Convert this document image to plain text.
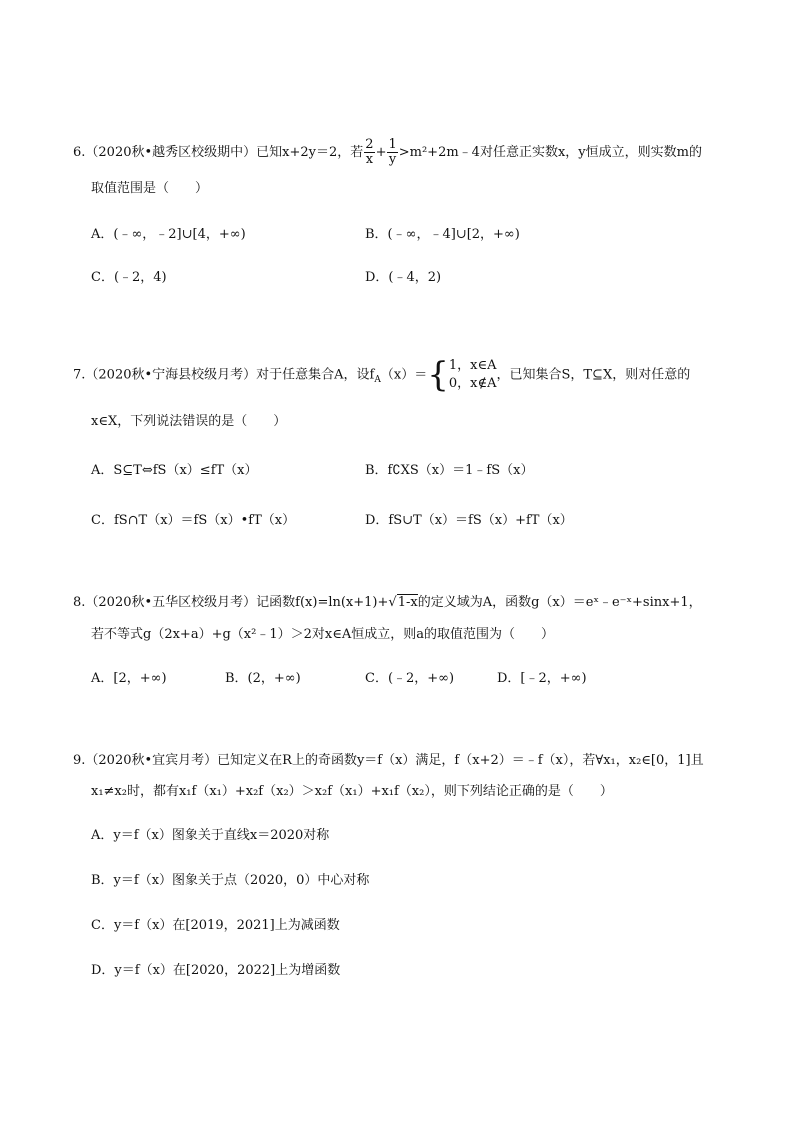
6.（2020秋•越秀区校级期中）已知x+2y＝2，若 $\frac{2}{x} + \frac{1}{y}$ >m²+2m﹣4对任意正实数x，y恒成立，则实数m的
取值范围是（　　）
A．(﹣∞，﹣2]∪[4，+∞)	B．(﹣∞，﹣4]∪[2，+∞)
C．(﹣2，4)	D．(﹣4，2)
7.（2020秋•宁海县校级月考）对于任意集合A，设$f_A(x)=${ 1，x∈A
0，x∉A
，已知集合S，T⊆X，则对任意的
x∈X，下列说法错误的是（　　）
A．S⊆T⇔fS（x）≤fT（x）	B．f∁XS（x）＝1﹣fS（x）
C．fS∩T（x）＝fS（x）•fT（x）	D．fS∪T（x）＝fS（x）+fT（x）
8.（2020秋•五华区校级月考）记函数f(x)=ln(x+1)+√1-x的定义域为A，函数g（x）＝eˣ﹣e⁻ˣ+sinx+1，
若不等式g（2x+a）+g（x²﹣1）＞2对x∈A恒成立，则a的取值范围为（　　）
A．[2，+∞)	B．(2，+∞)	C．(﹣2，+∞)	D．[﹣2，+∞)
9.（2020秋•宜宾月考）已知定义在R上的奇函数y＝f（x）满足，f（x+2）＝﹣f（x），若∀x₁，x₂∈[0，1]且
x₁≠x₂时，都有x₁f（x₁）+x₂f（x₂）＞x₂f（x₁）+x₁f（x₂），则下列结论正确的是（　　）
A．y＝f（x）图象关于直线x＝2020对称
B．y＝f（x）图象关于点（2020，0）中心对称
C．y＝f（x）在[2019，2021]上为减函数
D．y＝f（x）在[2020，2022]上为增函数
